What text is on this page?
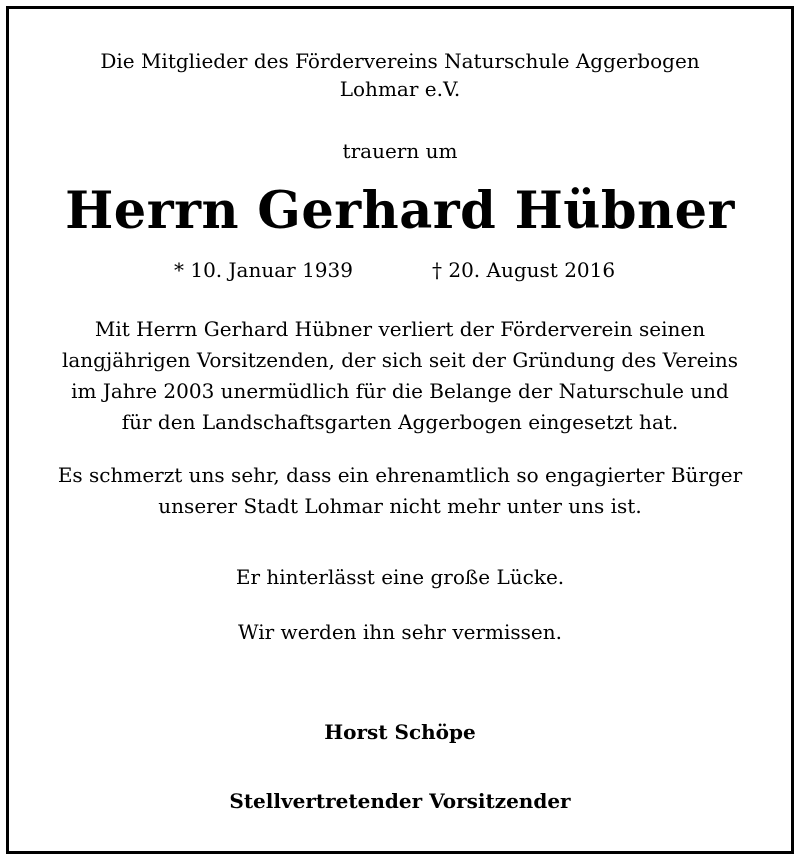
Die Mitglieder des Fördervereins Naturschule Aggerbogen
Lohmar e.V.
trauern um
Herrn Gerhard Hübner
* 10. Januar 1939	† 20. August 2016
Mit Herrn Gerhard Hübner verliert der Förderverein seinen
langjährigen Vorsitzenden, der sich seit der Gründung des Vereins
im Jahre 2003 unermüdlich für die Belange der Naturschule und
für den Landschaftsgarten Aggerbogen eingesetzt hat.
Es schmerzt uns sehr, dass ein ehrenamtlich so engagierter Bürger
unserer Stadt Lohmar nicht mehr unter uns ist.
Er hinterlässt eine große Lücke.
Wir werden ihn sehr vermissen.
Horst Schöpe
Stellvertretender Vorsitzender
